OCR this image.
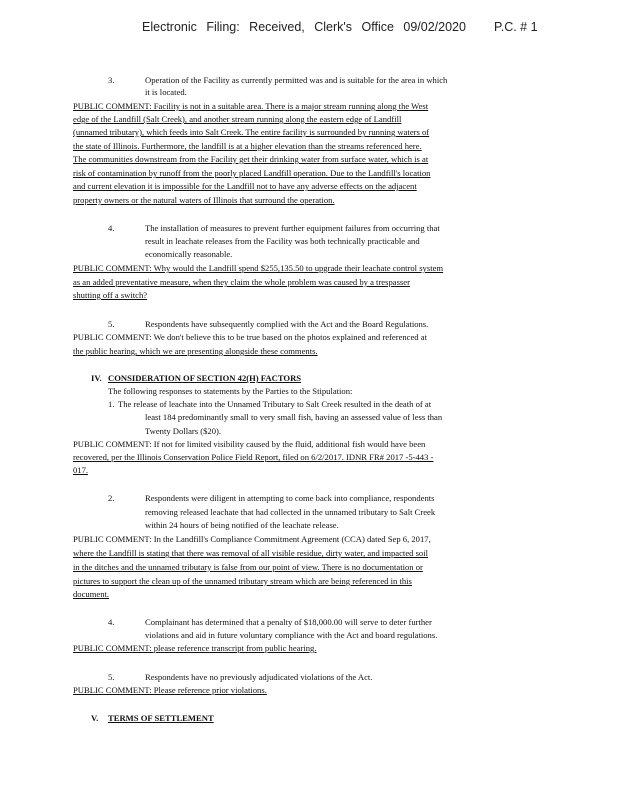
Electronic Filing: Received, Clerk's Office 09/02/2020 P.C. # 1
3.	Operation of the Facility as currently permitted was and is suitable for the area in which
it is located.
PUBLIC COMMENT: Facility is not in a suitable area. There is a major stream running along the West
edge of the Landfill (Salt Creek), and another stream running along the eastern edge of Landfill
(unnamed tributary), which feeds into Salt Creek. The entire facility is surrounded by running waters of
the state of Illinois. Furthermore, the landfill is at a higher elevation than the streams referenced here.
The communities downstream from the Facility get their drinking water from surface water, which is at
risk of contamination by runoff from the poorly placed Landfill operation. Due to the Landfill's location
and current elevation it is impossible for the Landfill not to have any adverse effects on the adjacent
property owners or the natural waters of Illinois that surround the operation.
4.	The installation of measures to prevent further equipment failures from occurring that
result in leachate releases from the Facility was both technically practicable and
economically reasonable.
PUBLIC COMMENT: Why would the Landfill spend $255,135.50 to upgrade their leachate control system
as an added preventative measure, when they claim the whole problem was caused by a trespasser
shutting off a switch?
5.	Respondents have subsequently complied with the Act and the Board Regulations.
PUBLIC COMMENT: We don't believe this to be true based on the photos explained and referenced at
the public hearing, which we are presenting alongside these comments.
IV. CONSIDERATION OF SECTION 42(H) FACTORS
The following responses to statements by the Parties to the Stipulation:
1. The release of leachate into the Unnamed Tributary to Salt Creek resulted in the death of at
least 184 predominantly small to very small fish, having an assessed value of less than
Twenty Dollars ($20).
PUBLIC COMMENT: If not for limited visibility caused by the fluid, additional fish would have been
recovered, per the Illinois Conservation Police Field Report, filed on 6/2/2017. IDNR FR# 2017 -5-443 -
017.
2.	Respondents were diligent in attempting to come back into compliance, respondents
removing released leachate that had collected in the unnamed tributary to Salt Creek
within 24 hours of being notified of the leachate release.
PUBLIC COMMENT: In the Landfill's Compliance Commitment Agreement (CCA) dated Sep 6, 2017,
where the Landfill is stating that there was removal of all visible residue, dirty water, and impacted soil
in the ditches and the unnamed tributary is false from our point of view. There is no documentation or
pictures to support the clean up of the unnamed tributary stream which are being referenced in this
document.
4.	Complainant has determined that a penalty of $18,000.00 will serve to deter further
violations and aid in future voluntary compliance with the Act and board regulations.
PUBLIC COMMENT: please reference transcript from public hearing.
5.	Respondents have no previously adjudicated violations of the Act.
PUBLIC COMMENT: Please reference prior violations.
V. TERMS OF SETTLEMENT
